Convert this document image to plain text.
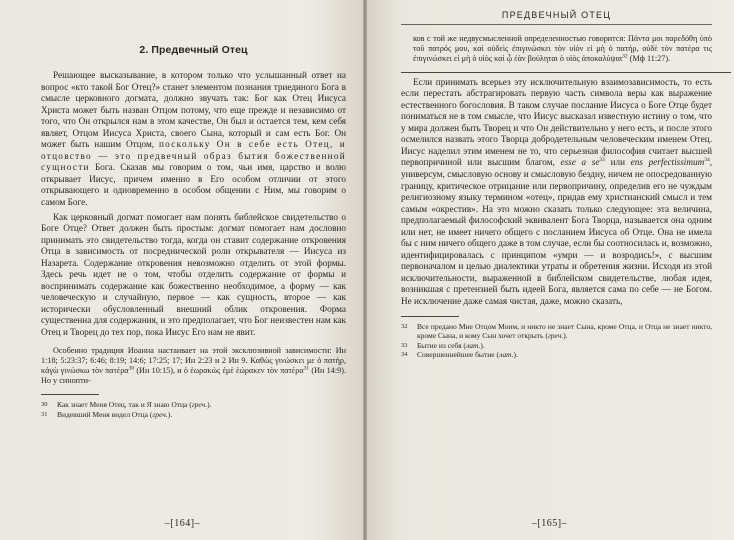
2. Предвечный Отец

Решающее высказывание, в котором только что услышанный ответ на вопрос «кто такой Бог Отец?» станет элементом познания триединого Бога в смысле церковного догмата, должно звучать так: Бог как Отец Иисуса Христа может быть назван Отцом потому, что еще прежде и независимо от того, что Он открылся нам в этом качестве, Он был и остается тем, кем себя являет, Отцом Иисуса Христа, своего Сына, который и сам есть Бог. Он может быть нашим Отцом, поскольку Он в себе есть Отец, и отцовство — это предвечный образ бытия божественной сущности Бога. Сказав мы говорим о том, чьи имя, царство и волю открывает Иисус, причем именно в Его особом отличии от этого открывающего и одновременно в особом общении с Ним, мы говорим о самом Боге.

Как церковный догмат помогает нам понять библейское свидетельство о Боге Отце? Ответ должен быть простым: догмат помогает нам дословно принимать это свидетельство тогда, когда он ставит содержание откровения Отца в зависимость от посреднической роли открывателя — Иисуса из Назарета. Содержание откровения невозможно отделить от этой формы. Здесь речь идет не о том, чтобы отделить содержание от формы и воспринимать содержание как божественно необходимое, а форму — как человеческую и случайную, первое — как сущность, второе — как исторически обусловленный внешний облик откровения. Форма существенна для содержания, и это предполагает, что Бог неизвестен нам как Отец и Творец до тех пор, пока Иисус Его нам не явит.

Особенно традиция Иоанна настаивает на этой эксклюзивной зависимости: Ин 1:18; 5:23:37; 6:46; 8:19; 14:6; 17:25; 17; Ин 2:23 и 2 Ин 9. Καθὼς γινώσκει με ὁ πατήρ, κἀγὼ γινώσκω τὸν πατέρα$^{30}$ (Ин 10:15), и ὁ ἑωρακὼς ἐμὲ ἑώρακεν τὸν πατέρα$^{31}$ (Ин 14:9). Но у синопти-
30	Как знает Меня Отец, так и Я знаю Отца (греч.).
31	Видевший Меня видел Отца (греч.).
–[164]–
ПРЕДВЕЧНЫЙ ОТЕЦ
ков с той же недвусмысленной определенностью говорится: Πάντα μοι παρεδόθη ὑπὸ τοῦ πατρός μου, καὶ οὐδεὶς ἐπιγινώσκει τὸν υἱὸν εἰ μὴ ὁ πατήρ, οὐδὲ τὸν πατέρα τις ἐπιγινώσκει εἰ μὴ ὁ υἱὸς καὶ ᾧ ἐὰν βούληται ὁ υἱὸς ἀποκαλύψαι$^{32}$ (Мф 11:27).

Если принимать всерьез эту исключительную взаимозависимость, то есть если перестать абстрагировать первую часть символа веры как выражение естественного богословия. В таком случае послание Иисуса о Боге Отце будет пониматься не в том смысле, что Иисус высказал известную истину о том, что у мира должен быть Творец и что Он действительно у него есть, и после этого осмелился назвать этого Творца добродетельным человеческим именем Отец. Иисус наделил этим именем не то, что серьезная философия считает высшей первопричиной или высшим благом, esse a $se^{33}$ или ens perfectissimum$^{34}$, универсум, смысловую основу и смысловую бездну, ничем не опосредованную границу, критическое отрицание или первопричину, определив его не чуждым религиозному языку термином «отец», придав ему христианский смысл и тем самым «окрестив». На это можно сказать только следующее: эта величина, предполагаемый философский эквивалент Бога Творца, называется она одним или нет, не имеет ничего общего с посланием Иисуса об Отце. Она не имела бы с ним ничего общего даже в том случае, если бы соотносилась и, возможно, идентифицировалась с принципом «умри — и возродись!», с высшим первоначалом и целью диалектики утраты и обретения жизни. Исходя из этой исключительности, выраженной в библейском свидетельстве, любая идея, возникшая с претензией быть идеей Бога, является сама по себе — не Богом. Не исключение даже самая чистая, даже, можно сказать,

32	Все предано Мне Отцом Моим, и никто не знает Сына, кроме Отца, и Отца не знает никто, кроме Сына, и кому Сын хочет открыть (греч.).
33	Бытие из себя (лат.).
34	Совершеннейшее бытие (лат.).
–[165]–
